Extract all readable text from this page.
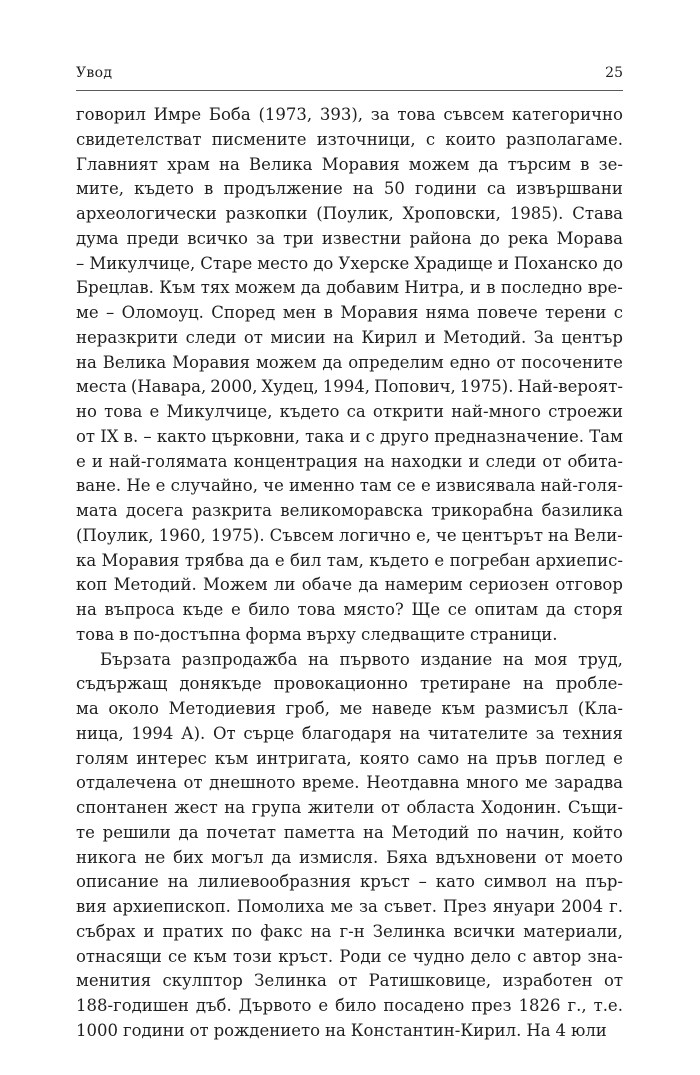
Увод	25
говорил Имре Боба (1973, 393), за това съвсем категорично
свидетелстват писмените източници, с които разполагаме.
Главният храм на Велика Моравия можем да търсим в зе-
мите, където в продължение на 50 години са извършвани
археологически разкопки (Поулик, Хроповски, 1985). Става
дума преди всичко за три известни района до река Морава
– Микулчице, Старе место до Ухерске Храдище и Поханско до
Брецлав. Към тях можем да добавим Нитра, и в последно вре-
ме – Оломоуц. Според мен в Моравия няма повече терени с
неразкрити следи от мисии на Кирил и Методий. За център
на Велика Моравия можем да определим едно от посочените
места (Навара, 2000, Худец, 1994, Попович, 1975). Най-вероят-
но това е Микулчице, където са открити най-много строежи
от IX в. – както църковни, така и с друго предназначение. Там
е и най-голямата концентрация на находки и следи от обита-
ване. Не е случайно, че именно там се е извисявала най-голя-
мата досега разкрита великоморавска трикорабна базилика
(Поулик, 1960, 1975). Съвсем логично е, че центърът на Вели-
ка Моравия трябва да е бил там, където е погребан архиепис-
коп Методий. Можем ли обаче да намерим сериозен отговор
на въпроса къде е било това място? Ще се опитам да сторя
това в по-достъпна форма върху следващите страници.
Бързата разпродажба на първото издание на моя труд,
съдържащ донякъде провокационно третиране на пробле-
ма около Методиевия гроб, ме наведе към размисъл (Кла-
ница, 1994 А). От сърце благодаря на читателите за техния
голям интерес към интригата, която само на пръв поглед е
отдалечена от днешното време. Неотдавна много ме зарадва
спонтанен жест на група жители от областа Ходонин. Същи-
те решили да почетат паметта на Методий по начин, който
никога не бих могъл да измисля. Бяха вдъхновени от моето
описание на лилиевообразния кръст – като символ на пър-
вия архиепископ. Помолиха ме за съвет. През януари 2004 г.
събрах и пратих по факс на г-н Зелинка всички материали,
отнасящи се към този кръст. Роди се чудно дело с автор зна-
менития скулптор Зелинка от Ратишковице, изработен от
188-годишен дъб. Дървото е било посадено през 1826 г., т.е.
1000 години от рождението на Константин-Кирил. На 4 юли
